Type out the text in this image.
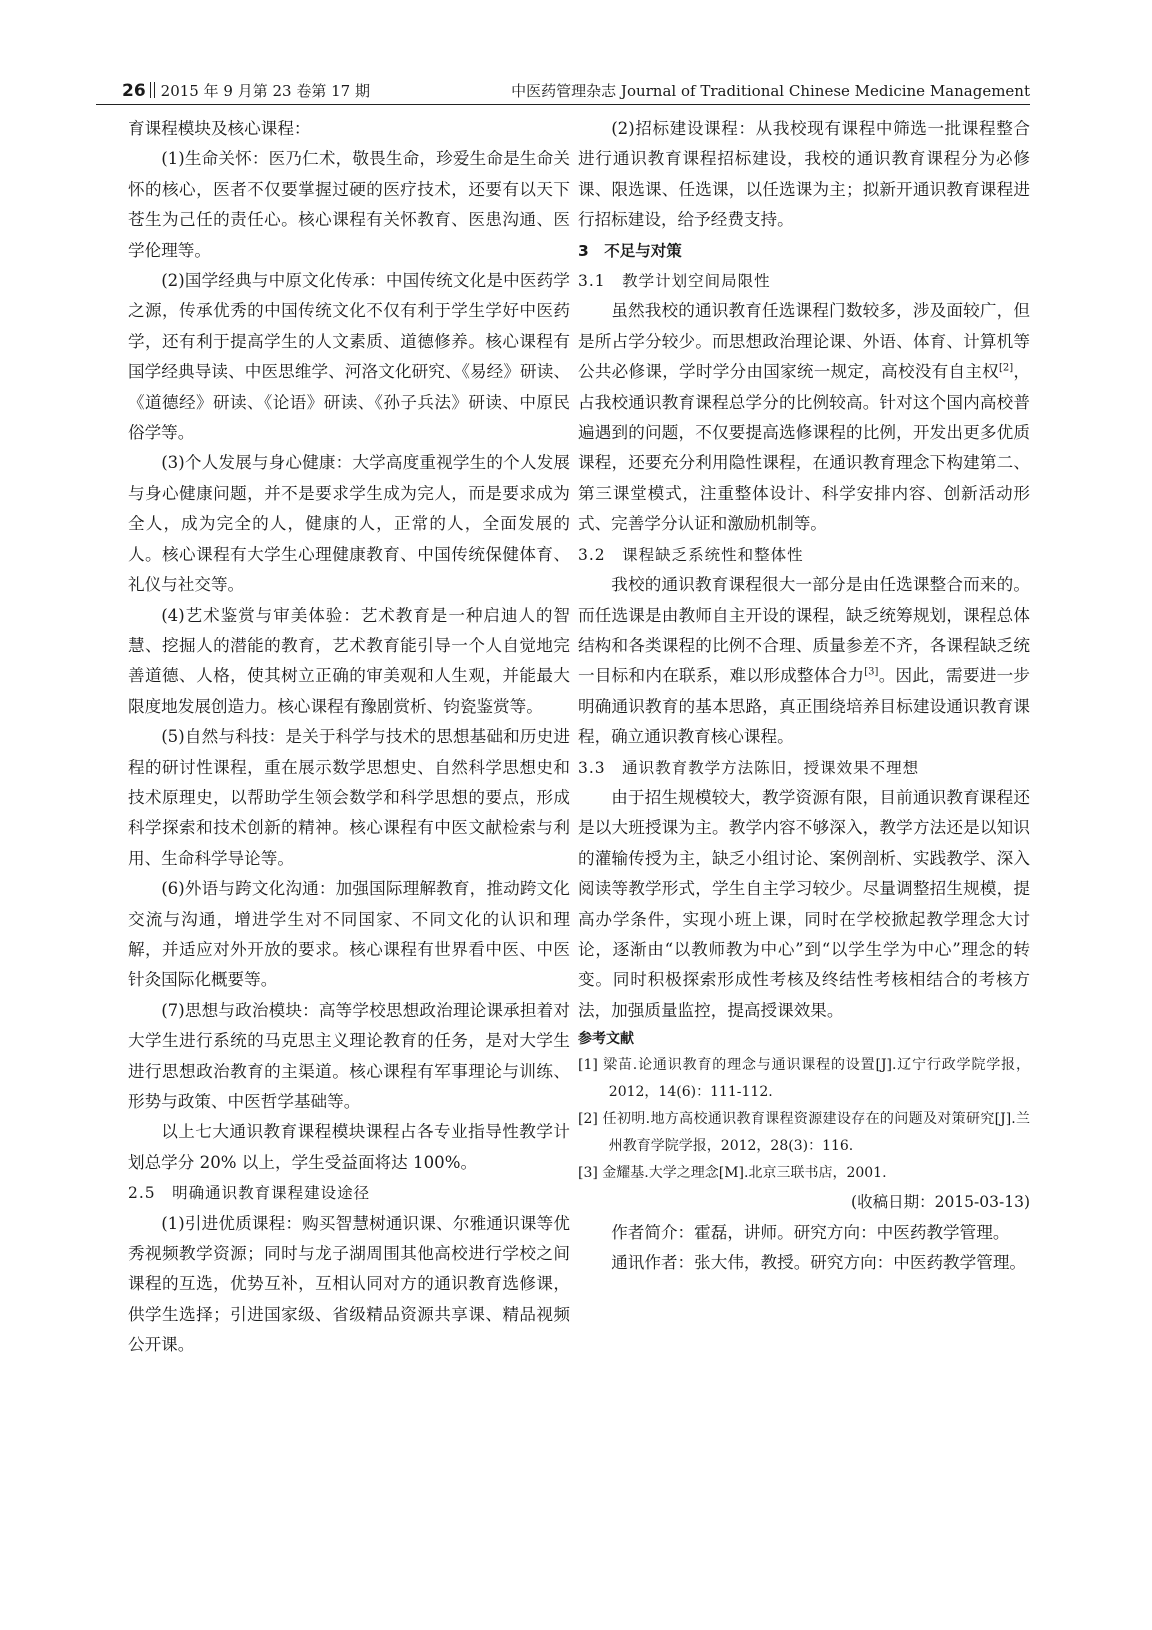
26 2015 年 9 月第 23 卷第 17 期	中医药管理杂志 Journal of Traditional Chinese Medicine Management

育课程模块及核心课程：

(1)生命关怀：医乃仁术，敬畏生命，珍爱生命是生命关怀的核心，医者不仅要掌握过硬的医疗技术，还要有以天下苍生为己任的责任心。核心课程有关怀教育、医患沟通、医学伦理等。

(2)国学经典与中原文化传承：中国传统文化是中医药学之源，传承优秀的中国传统文化不仅有利于学生学好中医药学，还有利于提高学生的人文素质、道德修养。核心课程有国学经典导读、中医思维学、河洛文化研究、《易经》研读、《道德经》研读、《论语》研读、《孙子兵法》研读、中原民俗学等。

(3)个人发展与身心健康：大学高度重视学生的个人发展与身心健康问题，并不是要求学生成为完人，而是要求成为全人，成为完全的人，健康的人，正常的人，全面发展的人。核心课程有大学生心理健康教育、中国传统保健体育、礼仪与社交等。

(4)艺术鉴赏与审美体验：艺术教育是一种启迪人的智慧、挖掘人的潜能的教育，艺术教育能引导一个人自觉地完善道德、人格，使其树立正确的审美观和人生观，并能最大限度地发展创造力。核心课程有豫剧赏析、钧瓷鉴赏等。

(5)自然与科技：是关于科学与技术的思想基础和历史进程的研讨性课程，重在展示数学思想史、自然科学思想史和技术原理史，以帮助学生领会数学和科学思想的要点，形成科学探索和技术创新的精神。核心课程有中医文献检索与利用、生命科学导论等。

(6)外语与跨文化沟通：加强国际理解教育，推动跨文化交流与沟通，增进学生对不同国家、不同文化的认识和理解，并适应对外开放的要求。核心课程有世界看中医、中医针灸国际化概要等。

(7)思想与政治模块：高等学校思想政治理论课承担着对大学生进行系统的马克思主义理论教育的任务，是对大学生进行思想政治教育的主渠道。核心课程有军事理论与训练、形势与政策、中医哲学基础等。

以上七大通识教育课程模块课程占各专业指导性教学计划总学分 20% 以上，学生受益面将达 100%。

2.5　明确通识教育课程建设途径

(1)引进优质课程：购买智慧树通识课、尔雅通识课等优秀视频教学资源；同时与龙子湖周围其他高校进行学校之间课程的互选，优势互补，互相认同对方的通识教育选修课，供学生选择；引进国家级、省级精品资源共享课、精品视频公开课。

(2)招标建设课程：从我校现有课程中筛选一批课程整合进行通识教育课程招标建设，我校的通识教育课程分为必修课、限选课、任选课，以任选课为主；拟新开通识教育课程进行招标建设，给予经费支持。

3　不足与对策

3.1　教学计划空间局限性

虽然我校的通识教育任选课程门数较多，涉及面较广，但是所占学分较少。而思想政治理论课、外语、体育、计算机等公共必修课，学时学分由国家统一规定，高校没有自主权[2]，占我校通识教育课程总学分的比例较高。针对这个国内高校普遍遇到的问题，不仅要提高选修课程的比例，开发出更多优质课程，还要充分利用隐性课程，在通识教育理念下构建第二、第三课堂模式，注重整体设计、科学安排内容、创新活动形式、完善学分认证和激励机制等。

3.2　课程缺乏系统性和整体性

我校的通识教育课程很大一部分是由任选课整合而来的。而任选课是由教师自主开设的课程，缺乏统筹规划，课程总体结构和各类课程的比例不合理、质量参差不齐，各课程缺乏统一目标和内在联系，难以形成整体合力[3]。因此，需要进一步明确通识教育的基本思路，真正围绕培养目标建设通识教育课程，确立通识教育核心课程。

3.3　通识教育教学方法陈旧，授课效果不理想

由于招生规模较大，教学资源有限，目前通识教育课程还是以大班授课为主。教学内容不够深入，教学方法还是以知识的灌输传授为主，缺乏小组讨论、案例剖析、实践教学、深入阅读等教学形式，学生自主学习较少。尽量调整招生规模，提高办学条件，实现小班上课，同时在学校掀起教学理念大讨论，逐渐由“以教师教为中心”到“以学生学为中心”理念的转变。同时积极探索形成性考核及终结性考核相结合的考核方法，加强质量监控，提高授课效果。

参考文献

[1] 梁苗.论通识教育的理念与通识课程的设置[J].辽宁行政学院学报，2012，14(6)：111-112.

[2] 任初明.地方高校通识教育课程资源建设存在的问题及对策研究[J].兰州教育学院学报，2012，28(3)：116.

[3] 金耀基.大学之理念[M].北京三联书店，2001.

(收稿日期：2015-03-13)

作者简介：霍磊，讲师。研究方向：中医药教学管理。

通讯作者：张大伟，教授。研究方向：中医药教学管理。
